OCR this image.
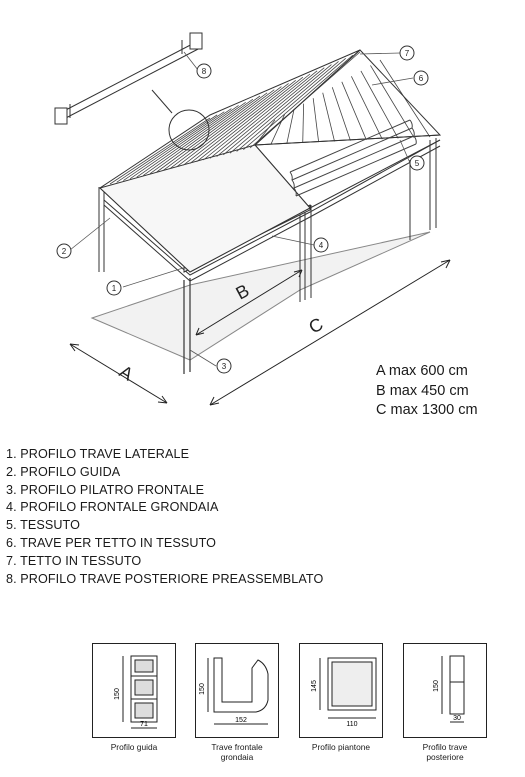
1
2
3
4
5
6
7
8
A
B
C
A max 600 cm
B max 450 cm
C max 1300 cm
1. PROFILO TRAVE LATERALE
2. PROFILO GUIDA
3. PROFILO PILATRO FRONTALE
4. PROFILO FRONTALE GRONDAIA
5. TESSUTO
6. TRAVE PER TETTO IN TESSUTO
7. TETTO IN TESSUTO
8. PROFILO TRAVE POSTERIORE PREASSEMBLATO
150
71
Profilo guida
150
152
Trave frontale grondaia
145
110
Profilo piantone
150
30
Profilo trave posteriore
